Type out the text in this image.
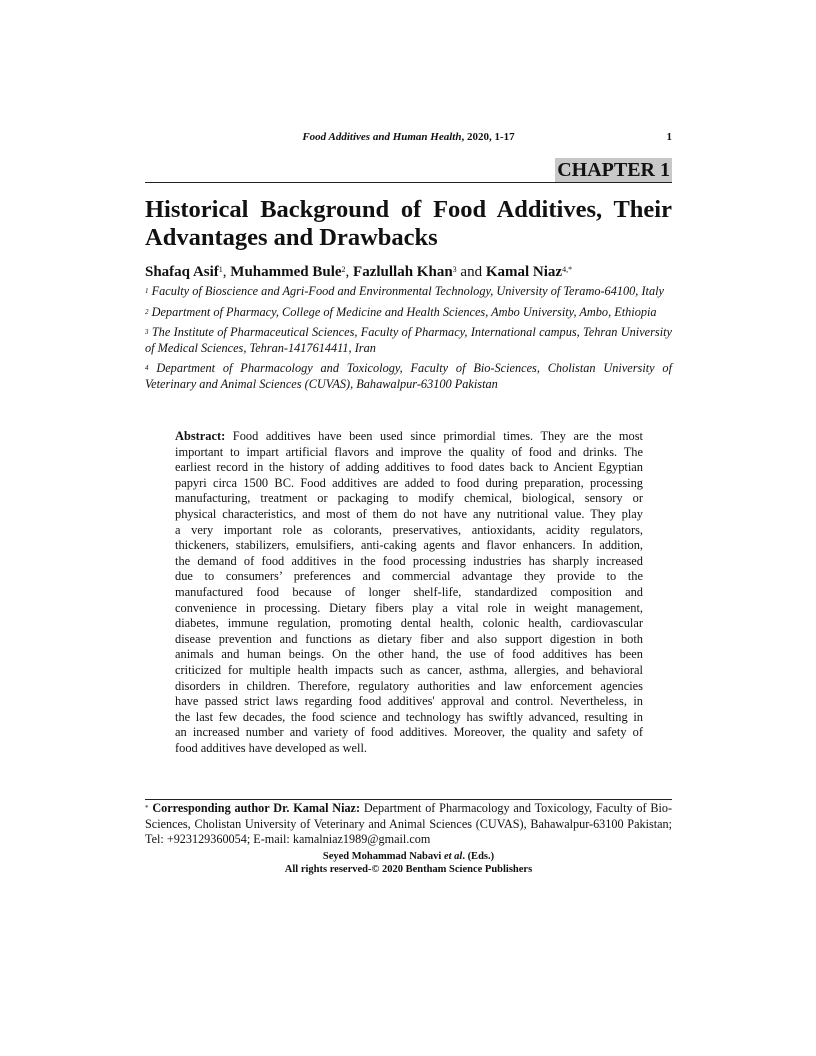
Food Additives and Human Health, 2020, 1-17	1
CHAPTER 1
Historical Background of Food Additives, Their Advantages and Drawbacks
Shafaq Asif$^1$, Muhammed Bule$^2$, Fazlullah Khan$^3$ and Kamal Niaz$^{4,*}$
$^1$ Faculty of Bioscience and Agri-Food and Environmental Technology, University of Teramo-64100, Italy
$^2$ Department of Pharmacy, College of Medicine and Health Sciences, Ambo University, Ambo, Ethiopia
$^3$ The Institute of Pharmaceutical Sciences, Faculty of Pharmacy, International campus, Tehran University of Medical Sciences, Tehran-1417614411, Iran
$^4$ Department of Pharmacology and Toxicology, Faculty of Bio-Sciences, Cholistan University of Veterinary and Animal Sciences (CUVAS), Bahawalpur-63100 Pakistan
Abstract: Food additives have been used since primordial times. They are the most
important to impart artificial flavors and improve the quality of food and drinks. The
earliest record in the history of adding additives to food dates back to Ancient Egyptian
papyri circa 1500 BC. Food additives are added to food during preparation, processing
manufacturing, treatment or packaging to modify chemical, biological, sensory or
physical characteristics, and most of them do not have any nutritional value. They play
a very important role as colorants, preservatives, antioxidants, acidity regulators,
thickeners, stabilizers, emulsifiers, anti-caking agents and flavor enhancers. In addition,
the demand of food additives in the food processing industries has sharply increased
due to consumers’ preferences and commercial advantage they provide to the
manufactured food because of longer shelf-life, standardized composition and
convenience in processing. Dietary fibers play a vital role in weight management,
diabetes, immune regulation, promoting dental health, colonic health, cardiovascular
disease prevention and functions as dietary fiber and also support digestion in both
animals and human beings. On the other hand, the use of food additives has been
criticized for multiple health impacts such as cancer, asthma, allergies, and behavioral
disorders in children. Therefore, regulatory authorities and law enforcement agencies
have passed strict laws regarding food additives' approval and control. Nevertheless, in
the last few decades, the food science and technology has swiftly advanced, resulting in
an increased number and variety of food additives. Moreover, the quality and safety of
food additives have developed as well.
* Corresponding author Dr. Kamal Niaz: Department of Pharmacology and Toxicology, Faculty of Bio-Sciences, Cholistan University of Veterinary and Animal Sciences (CUVAS), Bahawalpur-63100 Pakistan; Tel: +923129360054; E-mail: kamalniaz1989@gmail.com
Seyed Mohammad Nabavi et al. (Eds.)
All rights reserved-© 2020 Bentham Science Publishers
